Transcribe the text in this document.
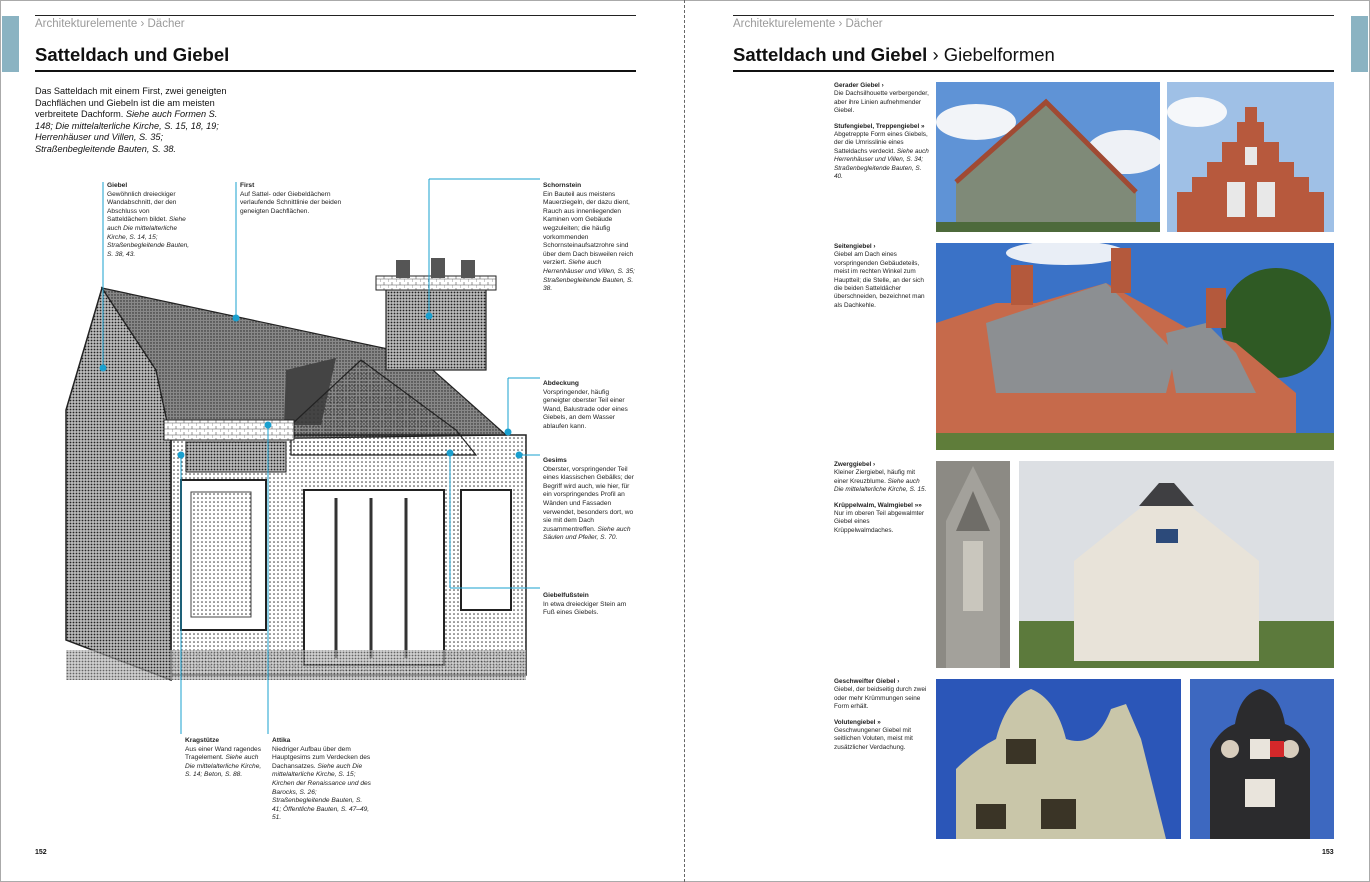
Architekturelemente › Dächer
Satteldach und Giebel
Das Satteldach mit einem First, zwei geneigten Dachflächen und Giebeln ist die am meisten verbreitete Dachform. Siehe auch Formen S. 148; Die mittelalterliche Kirche, S. 15, 18, 19; Herrenhäuser und Villen, S. 35; Straßenbegleitende Bauten, S. 38.
Giebel
Gewöhnlich dreieckiger Wandabschnitt, der den Abschluss von Satteldächern bildet. Siehe auch Die mittelalterliche Kirche, S. 14, 15; Straßenbegleitende Bauten, S. 38, 43.
First
Auf Sattel- oder Giebeldächern verlaufende Schnittlinie der beiden geneigten Dachflächen.
Schornstein
Ein Bauteil aus meistens Mauerziegeln, der dazu dient, Rauch aus innenliegenden Kaminen vom Gebäude wegzuleiten; die häufig vorkommenden Schornsteinaufsatzrohre sind über dem Dach bisweilen reich verziert. Siehe auch Herrenhäuser und Villen, S. 35; Straßenbegleitende Bauten, S. 38.
Abdeckung
Vorspringender, häufig geneigter oberster Teil einer Wand, Balustrade oder eines Giebels, an dem Wasser ablaufen kann.
Gesims
Oberster, vorspringender Teil eines klassischen Gebälks; der Begriff wird auch, wie hier, für ein vorspringendes Profil an Wänden und Fassaden verwendet, besonders dort, wo sie mit dem Dach zusammentreffen. Siehe auch Säulen und Pfeiler, S. 70.
Giebelfußstein
In etwa dreieckiger Stein am Fuß eines Giebels.
Kragstütze
Aus einer Wand ragendes Tragelement. Siehe auch Die mittelalterliche Kirche, S. 14; Beton, S. 88.
Attika
Niedriger Aufbau über dem Hauptgesims zum Verdecken des Dachansatzes. Siehe auch Die mittelalterliche Kirche, S. 15; Kirchen der Renaissance und des Barocks, S. 26; Straßenbegleitende Bauten, S. 41; Öffentliche Bauten, S. 47–49, 51.
152
Architekturelemente › Dächer
Satteldach und Giebel › Giebelformen
Gerader Giebel ›
Die Dachsilhouette verbergender, aber ihre Linien aufnehmender Giebel.
Stufengiebel, Treppengiebel »
Abgetreppte Form eines Giebels, der die Umrisslinie eines Satteldachs verdeckt. Siehe auch Herrenhäuser und Villen, S. 34; Straßenbegleitende Bauten, S. 40.
Seitengiebel ›
Giebel am Dach eines vorspringenden Gebäudeteils, meist im rechten Winkel zum Hauptteil; die Stelle, an der sich die beiden Satteldächer überschneiden, bezeichnet man als Dachkehle.
Zwerggiebel ›
Kleiner Ziergiebel, häufig mit einer Kreuzblume. Siehe auch Die mittelalterliche Kirche, S. 15.
Krüppelwalm, Walmgiebel »»
Nur im oberen Teil abgewalmter Giebel eines Krüppelwalmdaches.
Geschweifter Giebel ›
Giebel, der beidseitig durch zwei oder mehr Krümmungen seine Form erhält.
Volutengiebel »
Geschwungener Giebel mit seitlichen Voluten, meist mit zusätzlicher Verdachung.
153
